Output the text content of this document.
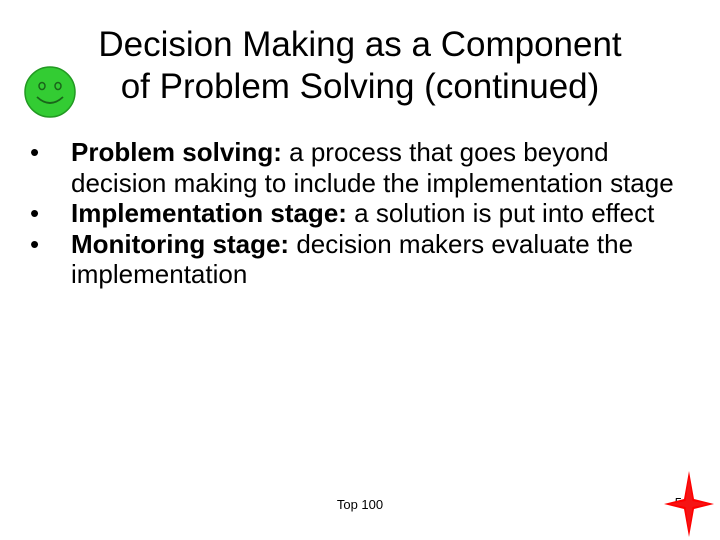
Decision Making as a Component
of Problem Solving (continued)
• Problem solving: a process that goes beyond decision making to include the implementation stage
• Implementation stage: a solution is put into effect
• Monitoring stage: decision makers evaluate the implementation
Top 100
